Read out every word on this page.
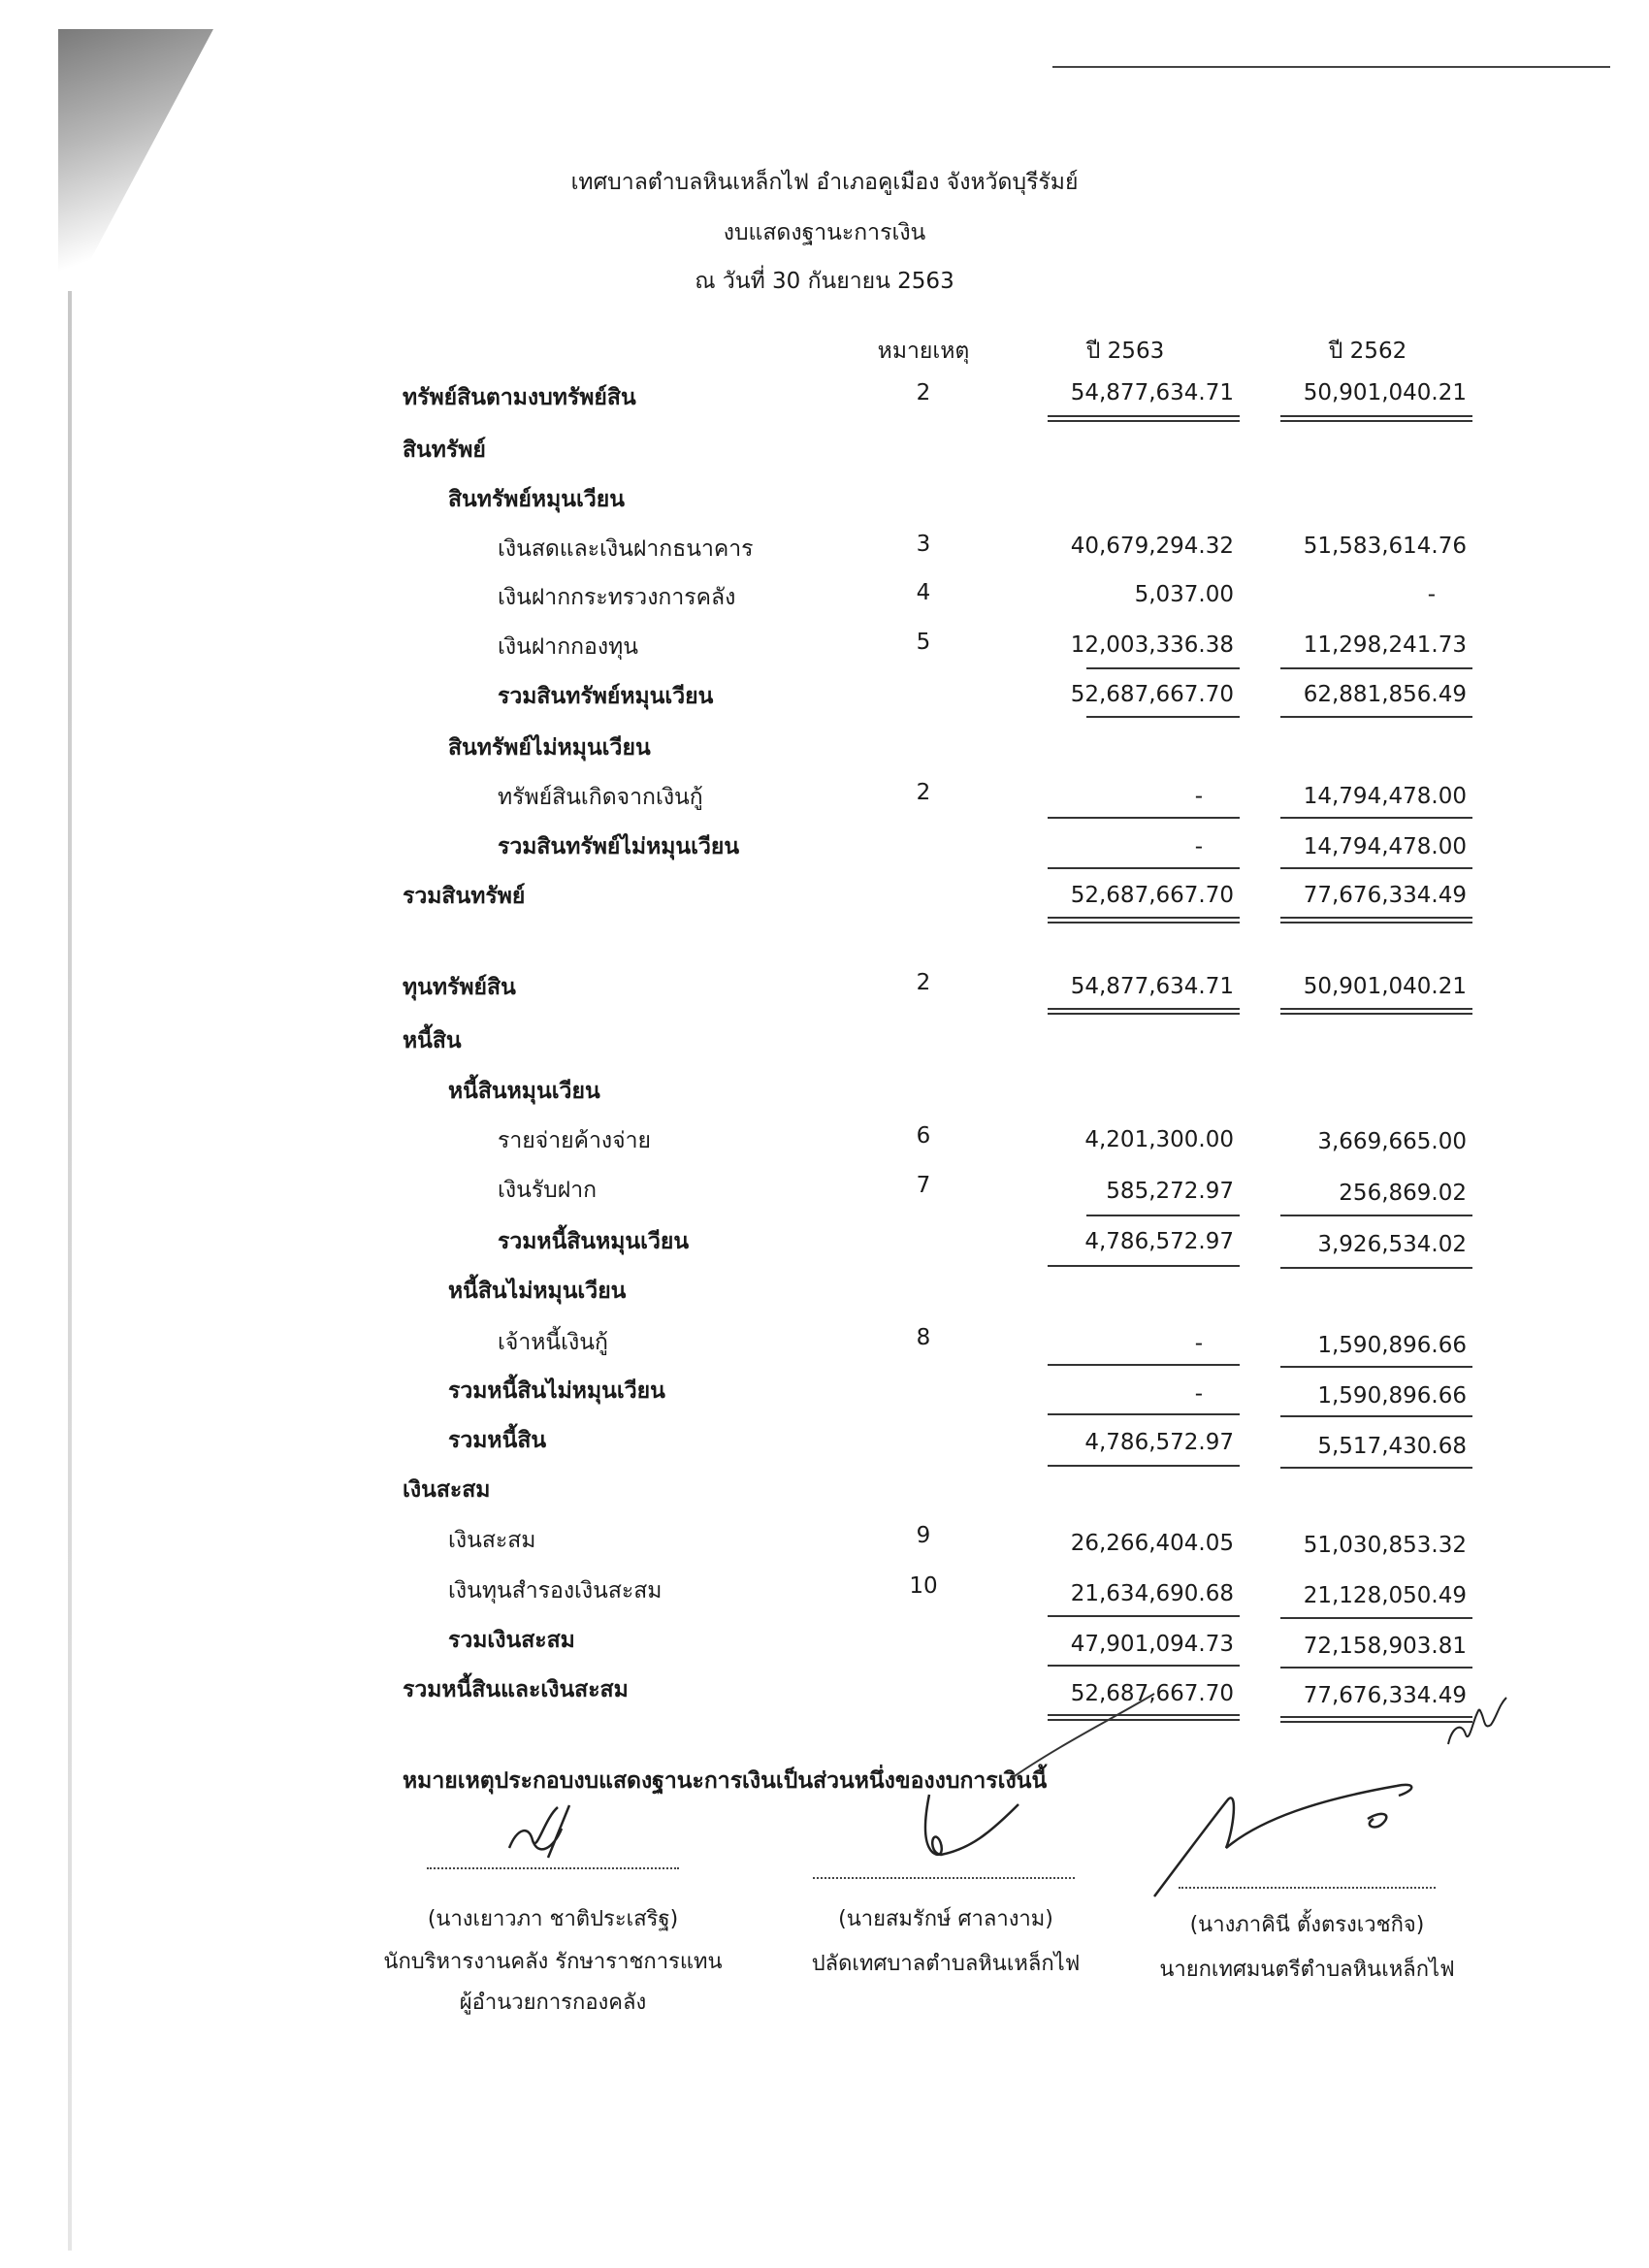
เทศบาลตำบลหินเหล็กไฟ อำเภอคูเมือง จังหวัดบุรีรัมย์
งบแสดงฐานะการเงิน
ณ วันที่ 30 กันยายน 2563
หมายเหตุ	ปี 2563	ปี 2562
ทรัพย์สินตามงบทรัพย์สิน	2	54,877,634.71	50,901,040.21
สินทรัพย์
สินทรัพย์หมุนเวียน
เงินสดและเงินฝากธนาคาร	3	40,679,294.32	51,583,614.76
เงินฝากกระทรวงการคลัง	4	5,037.00	-
เงินฝากกองทุน	5	12,003,336.38	11,298,241.73
รวมสินทรัพย์หมุนเวียน	52,687,667.70	62,881,856.49
สินทรัพย์ไม่หมุนเวียน
ทรัพย์สินเกิดจากเงินกู้	2	-	14,794,478.00
รวมสินทรัพย์ไม่หมุนเวียน	-	14,794,478.00
รวมสินทรัพย์	52,687,667.70	77,676,334.49
ทุนทรัพย์สิน	2	54,877,634.71	50,901,040.21
หนี้สิน
หนี้สินหมุนเวียน
รายจ่ายค้างจ่าย	6	4,201,300.00	3,669,665.00
เงินรับฝาก	7	585,272.97	256,869.02
รวมหนี้สินหมุนเวียน	4,786,572.97	3,926,534.02
หนี้สินไม่หมุนเวียน
เจ้าหนี้เงินกู้	8	-	1,590,896.66
รวมหนี้สินไม่หมุนเวียน	-	1,590,896.66
รวมหนี้สิน	4,786,572.97	5,517,430.68
เงินสะสม
เงินสะสม	9	26,266,404.05	51,030,853.32
เงินทุนสำรองเงินสะสม	10	21,634,690.68	21,128,050.49
รวมเงินสะสม	47,901,094.73	72,158,903.81
รวมหนี้สินและเงินสะสม	52,687,667.70	77,676,334.49
หมายเหตุประกอบงบแสดงฐานะการเงินเป็นส่วนหนึ่งของงบการเงินนี้
(นางเยาวภา ชาติประเสริฐ)
นักบริหารงานคลัง รักษาราชการแทน
ผู้อำนวยการกองคลัง
(นายสมรักษ์ ศาลางาม)
ปลัดเทศบาลตำบลหินเหล็กไฟ
(นางภาคินี ตั้งตรงเวชกิจ)
นายกเทศมนตรีตำบลหินเหล็กไฟ
